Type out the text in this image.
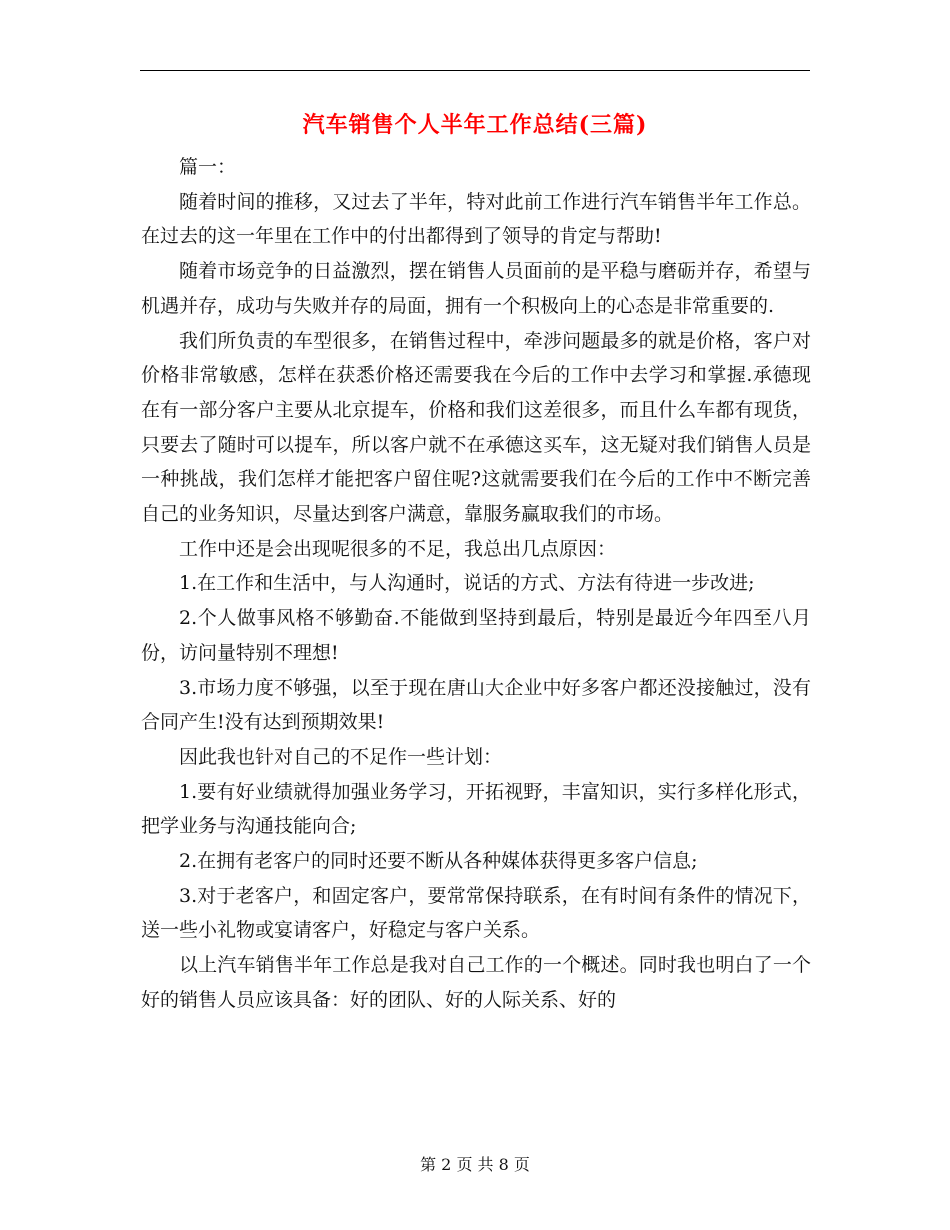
汽车销售个人半年工作总结(三篇)

篇一：

随着时间的推移，又过去了半年，特对此前工作进行汽车销售半年工作总。在过去的这一年里在工作中的付出都得到了领导的肯定与帮助!

随着市场竞争的日益激烈，摆在销售人员面前的是平稳与磨砺并存，希望与机遇并存，成功与失败并存的局面，拥有一个积极向上的心态是非常重要的.

我们所负责的车型很多，在销售过程中，牵涉问题最多的就是价格，客户对价格非常敏感，怎样在获悉价格还需要我在今后的工作中去学习和掌握.承德现在有一部分客户主要从北京提车，价格和我们这差很多，而且什么车都有现货，只要去了随时可以提车，所以客户就不在承德这买车，这无疑对我们销售人员是一种挑战，我们怎样才能把客户留住呢?这就需要我们在今后的工作中不断完善自己的业务知识，尽量达到客户满意，靠服务赢取我们的市场。

工作中还是会出现呢很多的不足，我总出几点原因：

1.在工作和生活中，与人沟通时，说话的方式、方法有待进一步改进;

2.个人做事风格不够勤奋.不能做到坚持到最后，特别是最近今年四至八月份，访问量特别不理想!

3.市场力度不够强，以至于现在唐山大企业中好多客户都还没接触过，没有合同产生!没有达到预期效果!

因此我也针对自己的不足作一些计划：

1.要有好业绩就得加强业务学习，开拓视野，丰富知识，实行多样化形式，把学业务与沟通技能向合;

2.在拥有老客户的同时还要不断从各种媒体获得更多客户信息;

3.对于老客户，和固定客户，要常常保持联系，在有时间有条件的情况下，送一些小礼物或宴请客户，好稳定与客户关系。

以上汽车销售半年工作总是我对自己工作的一个概述。同时我也明白了一个好的销售人员应该具备：好的团队、好的人际关系、好的

第 2 页 共 8 页
